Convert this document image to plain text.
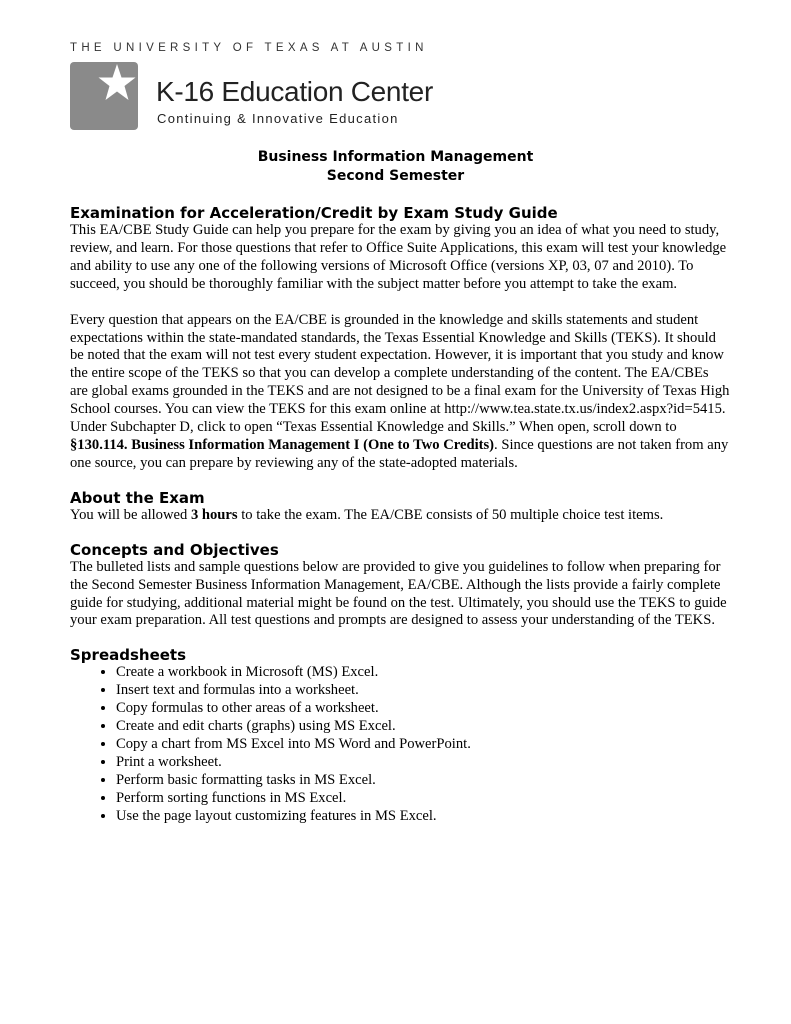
THE UNIVERSITY OF TEXAS AT AUSTIN
K-16 Education Center
Continuing & Innovative Education
Business Information Management
Second Semester
Examination for Acceleration/Credit by Exam Study Guide

This EA/CBE Study Guide can help you prepare for the exam by giving you an idea of what you need to study, review, and learn. For those questions that refer to Office Suite Applications, this exam will test your knowledge and ability to use any one of the following versions of Microsoft Office (versions XP, 03, 07 and 2010). To succeed, you should be thoroughly familiar with the subject matter before you attempt to take the exam.

Every question that appears on the EA/CBE is grounded in the knowledge and skills statements and student expectations within the state-mandated standards, the Texas Essential Knowledge and Skills (TEKS). It should be noted that the exam will not test every student expectation. However, it is important that you study and know the entire scope of the TEKS so that you can develop a complete understanding of the content. The EA/CBEs are global exams grounded in the TEKS and are not designed to be a final exam for the University of Texas High School courses. You can view the TEKS for this exam online at http://www.tea.state.tx.us/index2.aspx?id=5415. Under Subchapter D, click to open “Texas Essential Knowledge and Skills.” When open, scroll down to §130.114. Business Information Management I (One to Two Credits). Since questions are not taken from any one source, you can prepare by reviewing any of the state-adopted materials.

About the Exam

You will be allowed 3 hours to take the exam. The EA/CBE consists of 50 multiple choice test items.

Concepts and Objectives

The bulleted lists and sample questions below are provided to give you guidelines to follow when preparing for the Second Semester Business Information Management, EA/CBE. Although the lists provide a fairly complete guide for studying, additional material might be found on the test. Ultimately, you should use the TEKS to guide your exam preparation. All test questions and prompts are designed to assess your understanding of the TEKS.

Spreadsheets
• Create a workbook in Microsoft (MS) Excel.
• Insert text and formulas into a worksheet.
• Copy formulas to other areas of a worksheet.
• Create and edit charts (graphs) using MS Excel.
• Copy a chart from MS Excel into MS Word and PowerPoint.
• Print a worksheet.
• Perform basic formatting tasks in MS Excel.
• Perform sorting functions in MS Excel.
• Use the page layout customizing features in MS Excel.
